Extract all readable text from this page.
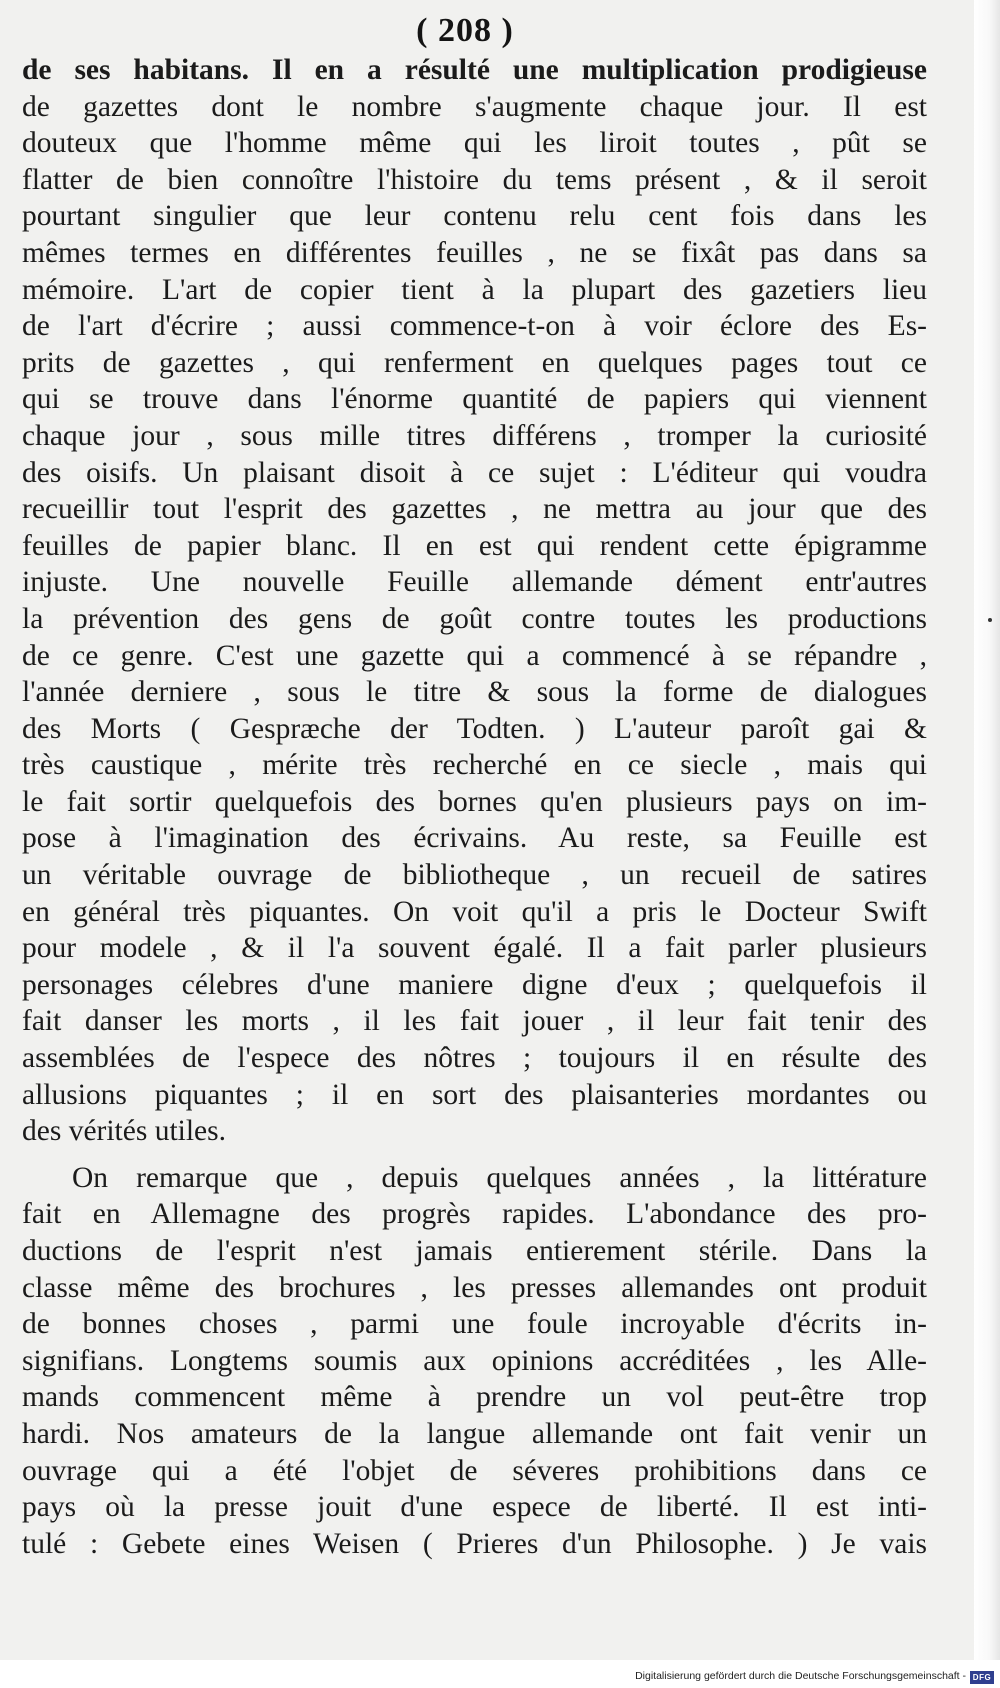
( 208 )
de ses habitans. Il en a résulté une multiplication prodigieuse
de gazettes dont le nombre s'augmente chaque jour. Il est
douteux que l'homme même qui les liroit toutes , pût se
flatter de bien connoître l'histoire du tems présent , & il seroit
pourtant singulier que leur contenu relu cent fois dans les
mêmes termes en différentes feuilles , ne se fixât pas dans sa
mémoire. L'art de copier tient à la plupart des gazetiers lieu
de l'art d'écrire ; aussi commence-t-on à voir éclore des Es-
prits de gazettes , qui renferment en quelques pages tout ce
qui se trouve dans l'énorme quantité de papiers qui viennent
chaque jour , sous mille titres différens , tromper la curiosité
des oisifs. Un plaisant disoit à ce sujet : L'éditeur qui voudra
recueillir tout l'esprit des gazettes , ne mettra au jour que des
feuilles de papier blanc. Il en est qui rendent cette épigramme
injuste. Une nouvelle Feuille allemande dément entr'autres
la prévention des gens de goût contre toutes les productions
de ce genre. C'est une gazette qui a commencé à se répandre ,
l'année derniere , sous le titre & sous la forme de dialogues
des Morts ( Gespræche der Todten. ) L'auteur paroît gai &
très caustique , mérite très recherché en ce siecle , mais qui
le fait sortir quelquefois des bornes qu'en plusieurs pays on im-
pose à l'imagination des écrivains. Au reste, sa Feuille est
un véritable ouvrage de bibliotheque , un recueil de satires
en général très piquantes. On voit qu'il a pris le Docteur Swift
pour modele , & il l'a souvent égalé. Il a fait parler plusieurs
personages célebres d'une maniere digne d'eux ; quelquefois il
fait danser les morts , il les fait jouer , il leur fait tenir des
assemblées de l'espece des nôtres ; toujours il en résulte des
allusions piquantes ; il en sort des plaisanteries mordantes ou
des vérités utiles.
On remarque que , depuis quelques années , la littérature
fait en Allemagne des progrès rapides. L'abondance des pro-
ductions de l'esprit n'est jamais entierement stérile. Dans la
classe même des brochures , les presses allemandes ont produit
de bonnes choses , parmi une foule incroyable d'écrits in-
signifians. Longtems soumis aux opinions accréditées , les Alle-
mands commencent même à prendre un vol peut-être trop
hardi. Nos amateurs de la langue allemande ont fait venir un
ouvrage qui a été l'objet de séveres prohibitions dans ce
pays où la presse jouit d'une espece de liberté. Il est inti-
tulé : Gebete eines Weisen ( Prieres d'un Philosophe. ) Je vais
Digitalisierung gefördert durch die Deutsche Forschungsgemeinschaft - DFG
